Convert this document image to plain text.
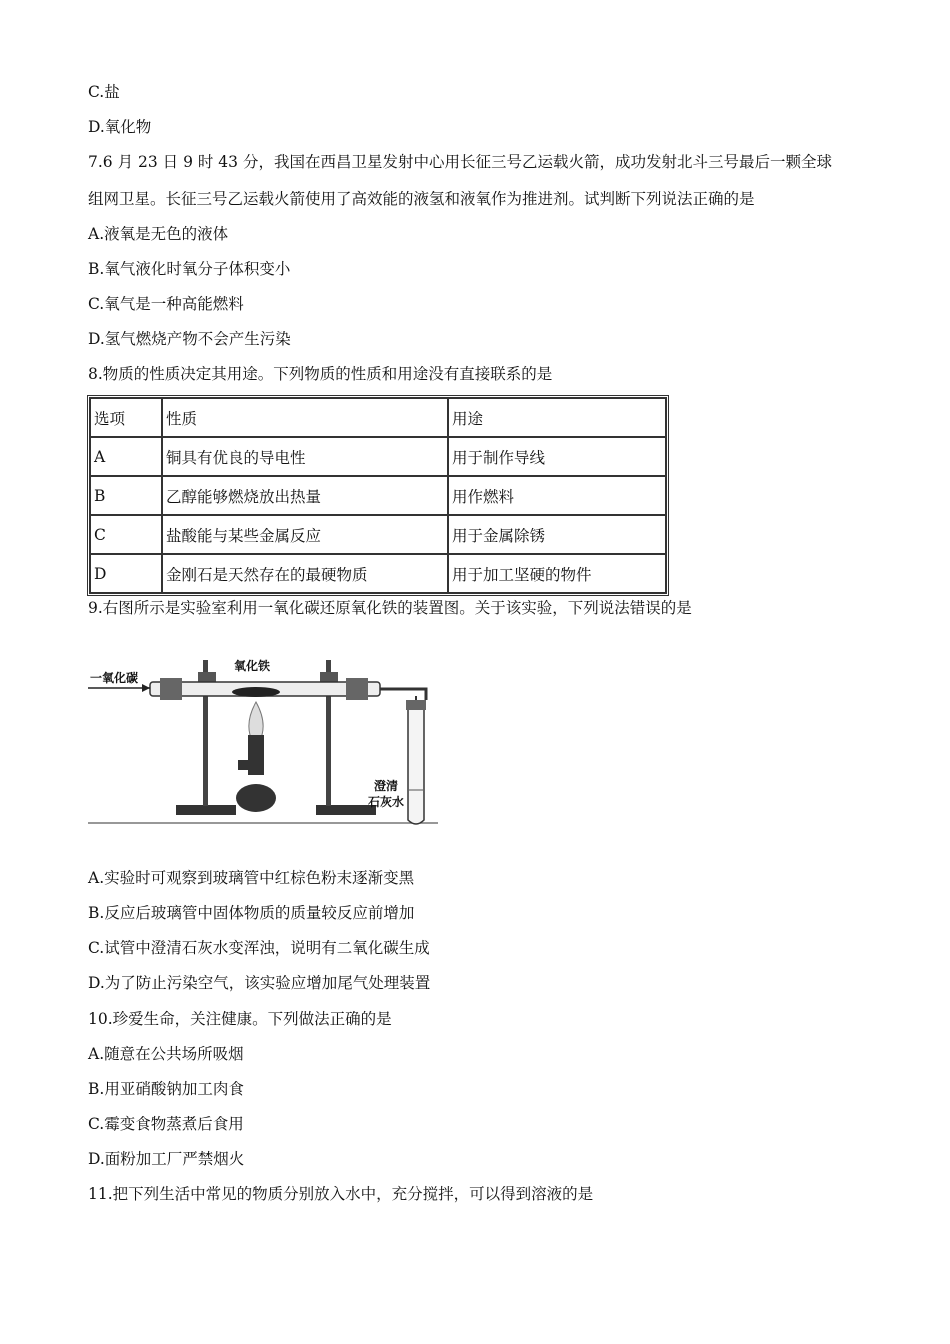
C.盐
D.氧化物
7.6 月 23 日 9 时 43 分，我国在西昌卫星发射中心用长征三号乙运载火箭，成功发射北斗三号最后一颗全球
组网卫星。长征三号乙运载火箭使用了高效能的液氢和液氧作为推进剂。试判断下列说法正确的是
A.液氧是无色的液体
B.氧气液化时氧分子体积变小
C.氧气是一种高能燃料
D.氢气燃烧产物不会产生污染
8.物质的性质决定其用途。下列物质的性质和用途没有直接联系的是
选项	性质	用途
A	铜具有优良的导电性	用于制作导线
B	乙醇能够燃烧放出热量	用作燃料
C	盐酸能与某些金属反应	用于金属除锈
D	金刚石是天然存在的最硬物质	用于加工坚硬的物件
9.右图所示是实验室利用一氧化碳还原氧化铁的装置图。关于该实验，下列说法错误的是
一氧化碳
氧化铁
澄清
石灰水
A.实验时可观察到玻璃管中红棕色粉末逐渐变黑
B.反应后玻璃管中固体物质的质量较反应前增加
C.试管中澄清石灰水变浑浊，说明有二氧化碳生成
D.为了防止污染空气，该实验应增加尾气处理装置
10.珍爱生命，关注健康。下列做法正确的是
A.随意在公共场所吸烟
B.用亚硝酸钠加工肉食
C.霉变食物蒸煮后食用
D.面粉加工厂严禁烟火
11.把下列生活中常见的物质分别放入水中，充分搅拌，可以得到溶液的是
